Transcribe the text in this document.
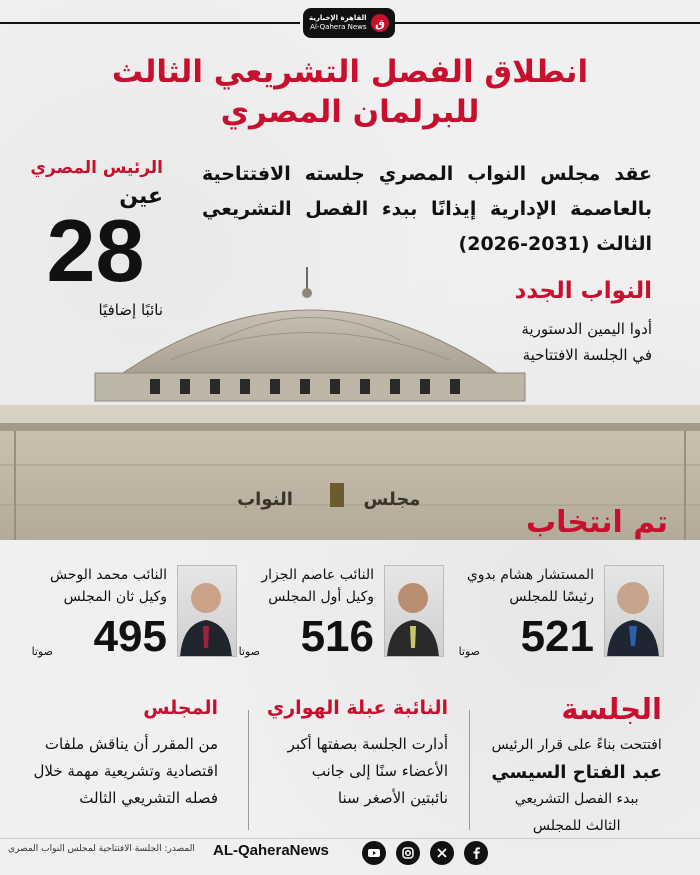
القاهرة الإخبارية
Al-Qahera News ق
انطلاق الفصل التشريعي الثالث
للبرلمان المصري
مجلس
النواب
عقد مجلس النواب المصري جلسته الافتتاحية بالعاصمة الإدارية إيذانًا ببدء الفصل التشريعي الثالث (2031-2026)
الرئيس المصري
عين
28
نائبًا إضافيًا
النواب الجدد
أدوا اليمين الدستورية
في الجلسة الافتتاحية
تم انتخاب
المستشار هشام بدوي
رئيسًا للمجلس
521
صوتا
النائب عاصم الجزار
وكيل أول المجلس
516
صوتا
النائب محمد الوحش
وكيل ثان المجلس
495
صوتا
الجلسة
افتتحت بناءً على قرار الرئيس
عبد الفتاح السيسي
ببدء الفصل التشريعي
الثالث للمجلس
النائبة عبلة الهواري
أدارت الجلسة بصفتها أكبر
الأعضاء سنًا إلى جانب
نائبتين الأصغر سنا
المجلس
من المقرر أن يناقش ملفات
اقتصادية وتشريعية مهمة خلال
فصله التشريعي الثالث
المصدر: الجلسة الافتتاحية لمجلس النواب المصري AL-QaheraNews
